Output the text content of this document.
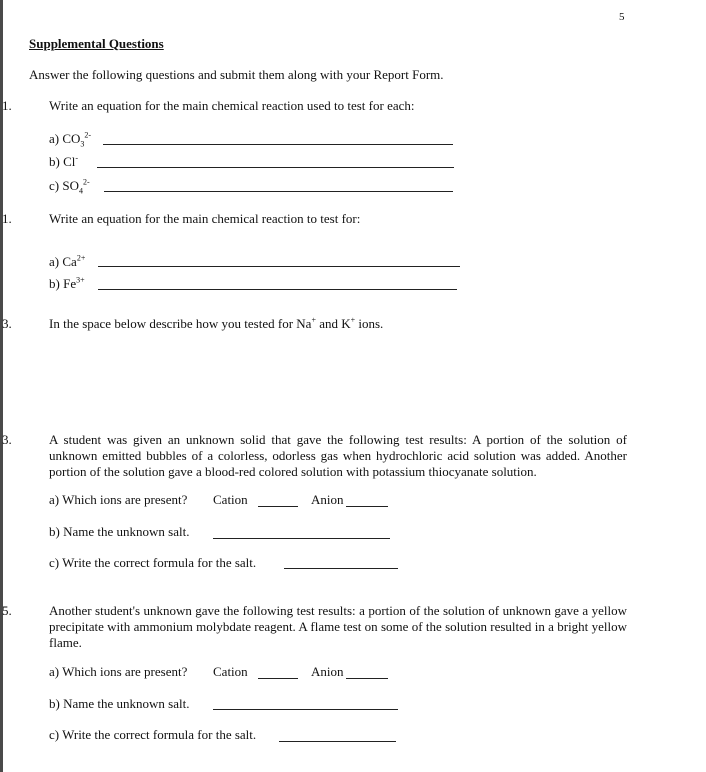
5
Supplemental Questions
Answer the following questions and submit them along with your Report Form.
1.	Write an equation for the main chemical reaction used to test for each:
a) $CO_3^{2-}$
b) Cl-
c) $SO_4^{2-}$
1.	Write an equation for the main chemical reaction to test for:
a) $Ca^{2+}$
b) $Fe^{3+}$
3.	In the space below describe how you tested for Na+ and K+ ions.
3.	A student was given an unknown solid that gave the following test results: A portion of the solution of unknown emitted bubbles of a colorless, odorless gas when hydrochloric acid solution was added. Another portion of the solution gave a blood-red colored solution with potassium thiocyanate solution.
a) Which ions are present? Cation	Anion
b) Name the unknown salt.
c) Write the correct formula for the salt.
5.	Another student's unknown gave the following test results: a portion of the solution of unknown gave a yellow precipitate with ammonium molybdate reagent. A flame test on some of the solution resulted in a bright yellow flame.
a) Which ions are present? Cation	Anion
b) Name the unknown salt.
c) Write the correct formula for the salt.
